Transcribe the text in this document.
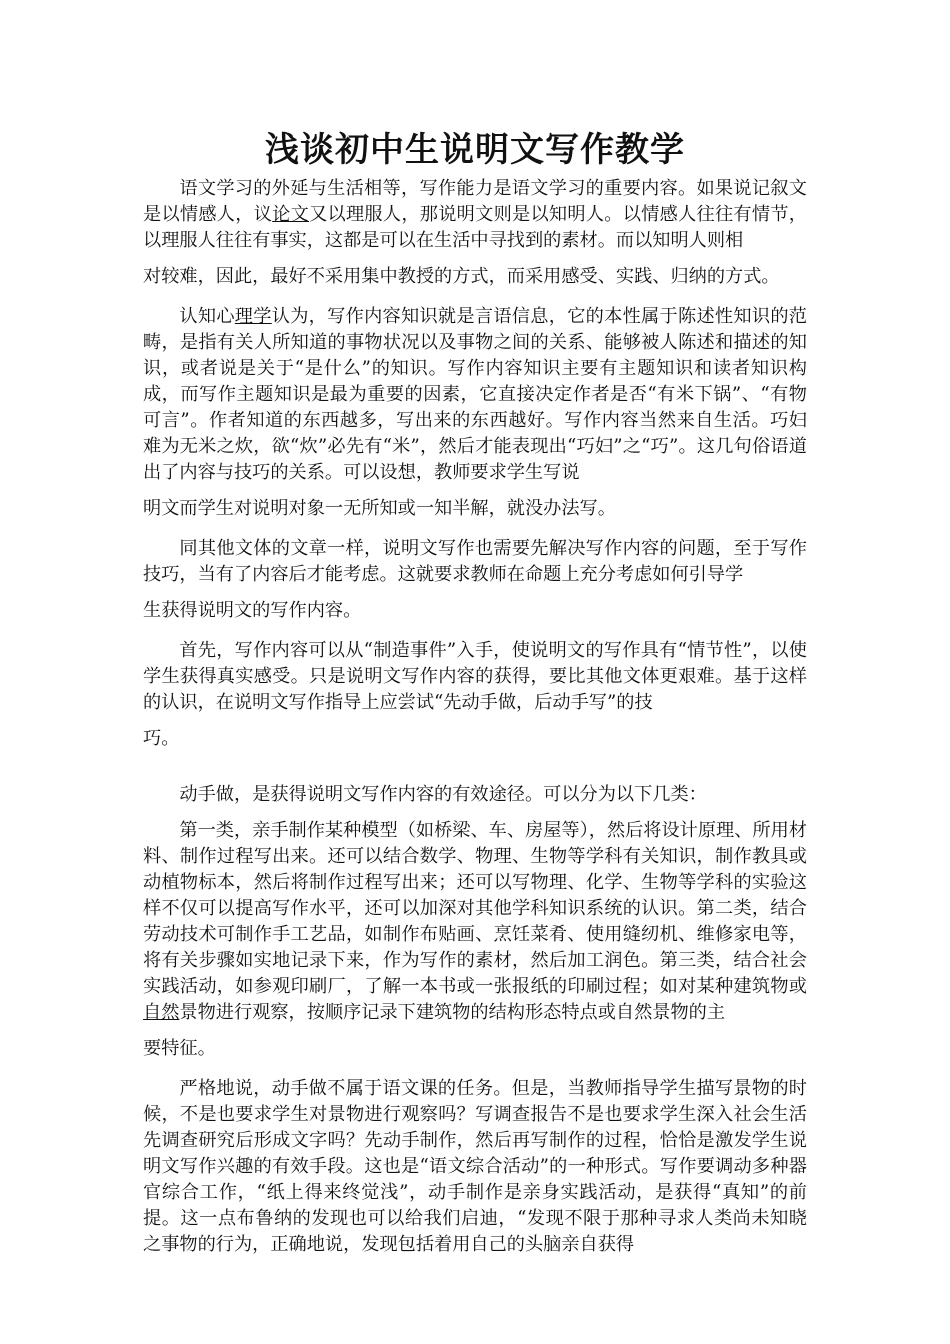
浅谈初中生说明文写作教学

语文学习的外延与生活相等，写作能力是语文学习的重要内容。如果说记叙文是以情感人，议论文又以理服人，那说明文则是以知明人。以情感人往往有情节，以理服人往往有事实，这都是可以在生活中寻找到的素材。而以知明人则相
对较难，因此，最好不采用集中教授的方式，而采用感受、实践、归纳的方式。

认知心理学认为，写作内容知识就是言语信息，它的本性属于陈述性知识的范畴，是指有关人所知道的事物状况以及事物之间的关系、能够被人陈述和描述的知识，或者说是关于“是什么”的知识。写作内容知识主要有主题知识和读者知识构成，而写作主题知识是最为重要的因素，它直接决定作者是否“有米下锅”、“有物可言”。作者知道的东西越多，写出来的东西越好。写作内容当然来自生活。巧妇难为无米之炊，欲“炊”必先有“米”，然后才能表现出“巧妇”之“巧”。这几句俗语道出了内容与技巧的关系。可以设想，教师要求学生写说
明文而学生对说明对象一无所知或一知半解，就没办法写。

同其他文体的文章一样，说明文写作也需要先解决写作内容的问题，至于写作技巧，当有了内容后才能考虑。这就要求教师在命题上充分考虑如何引导学
生获得说明文的写作内容。

首先，写作内容可以从“制造事件”入手，使说明文的写作具有“情节性”，以使学生获得真实感受。只是说明文写作内容的获得，要比其他文体更艰难。基于这样的认识，在说明文写作指导上应尝试“先动手做，后动手写”的技
巧。

动手做，是获得说明文写作内容的有效途径。可以分为以下几类：

第一类，亲手制作某种模型（如桥梁、车、房屋等），然后将设计原理、所用材料、制作过程写出来。还可以结合数学、物理、生物等学科有关知识，制作教具或动植物标本，然后将制作过程写出来；还可以写物理、化学、生物等学科的实验这样不仅可以提高写作水平，还可以加深对其他学科知识系统的认识。第二类，结合劳动技术可制作手工艺品，如制作布贴画、烹饪菜肴、使用缝纫机、维修家电等，将有关步骤如实地记录下来，作为写作的素材，然后加工润色。第三类，结合社会实践活动，如参观印刷厂，了解一本书或一张报纸的印刷过程；如对某种建筑物或自然景物进行观察，按顺序记录下建筑物的结构形态特点或自然景物的主
要特征。

严格地说，动手做不属于语文课的任务。但是，当教师指导学生描写景物的时候，不是也要求学生对景物进行观察吗？写调查报告不是也要求学生深入社会生活先调查研究后形成文字吗？先动手制作，然后再写制作的过程，恰恰是激发学生说明文写作兴趣的有效手段。这也是“语文综合活动”的一种形式。写作要调动多种器官综合工作，“纸上得来终觉浅”，动手制作是亲身实践活动，是获得“真知”的前提。这一点布鲁纳的发现也可以给我们启迪，“发现不限于那种寻求人类尚未知晓之事物的行为，正确地说，发现包括着用自己的头脑亲自获得
